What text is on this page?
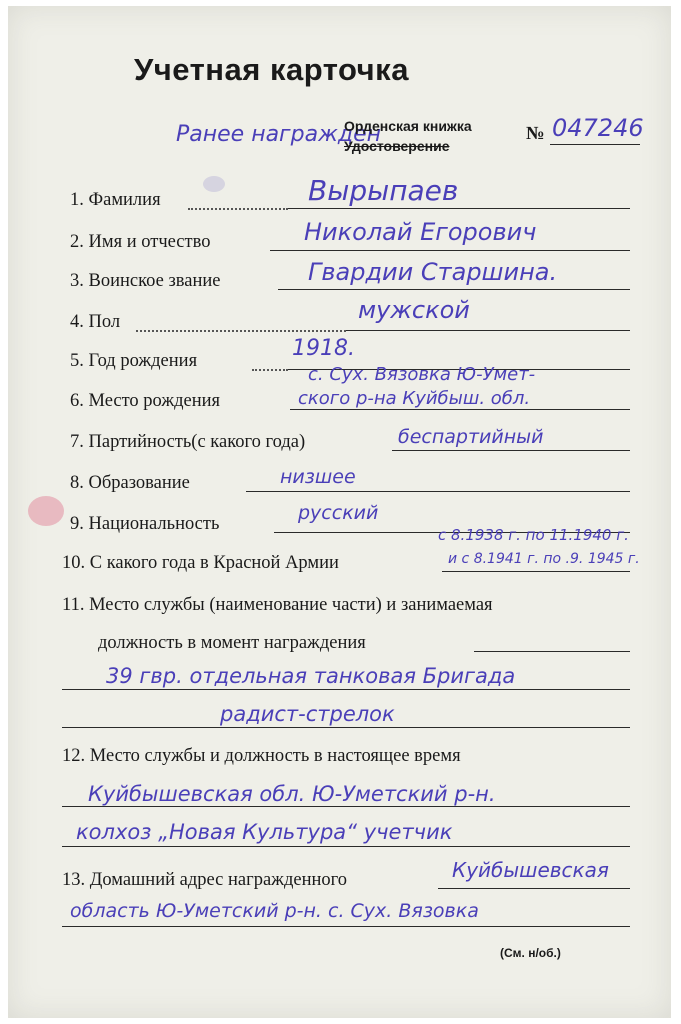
Учетная карточка
Ранее награжден
Орденская книжка
Удостоверение
№ 047246
1. Фамилия	Вырыпаев
2. Имя и отчество	Николай Егорович
3. Воинское звание	Гвардии Старшина.
4. Пол	мужской
5. Год рождения	1918.
6. Место рождения
с. Сух. Вязовка Ю-Умет-
ского р-на Куйбыш. обл.
7. Партийность(с какого года)	беспартийный
8. Образование	низшее
9. Национальность	русский
10. С какого года в Красной Армии
с 8.1938 г. по 11.1940 г.
и с 8.1941 г. по .9. 1945 г.
11. Место службы (наименование части) и занимаемая
должность в момент награждения
39 гвр. отдельная танковая Бригада
радист-стрелок
12. Место службы и должность в настоящее время
Куйбышевская обл. Ю-Уметский р-н.
колхоз „Новая Культура“ учетчик
13. Домашний адрес награжденного	Куйбышевская
область Ю-Уметский р-н. с. Сух. Вязовка
(См. н/об.)
